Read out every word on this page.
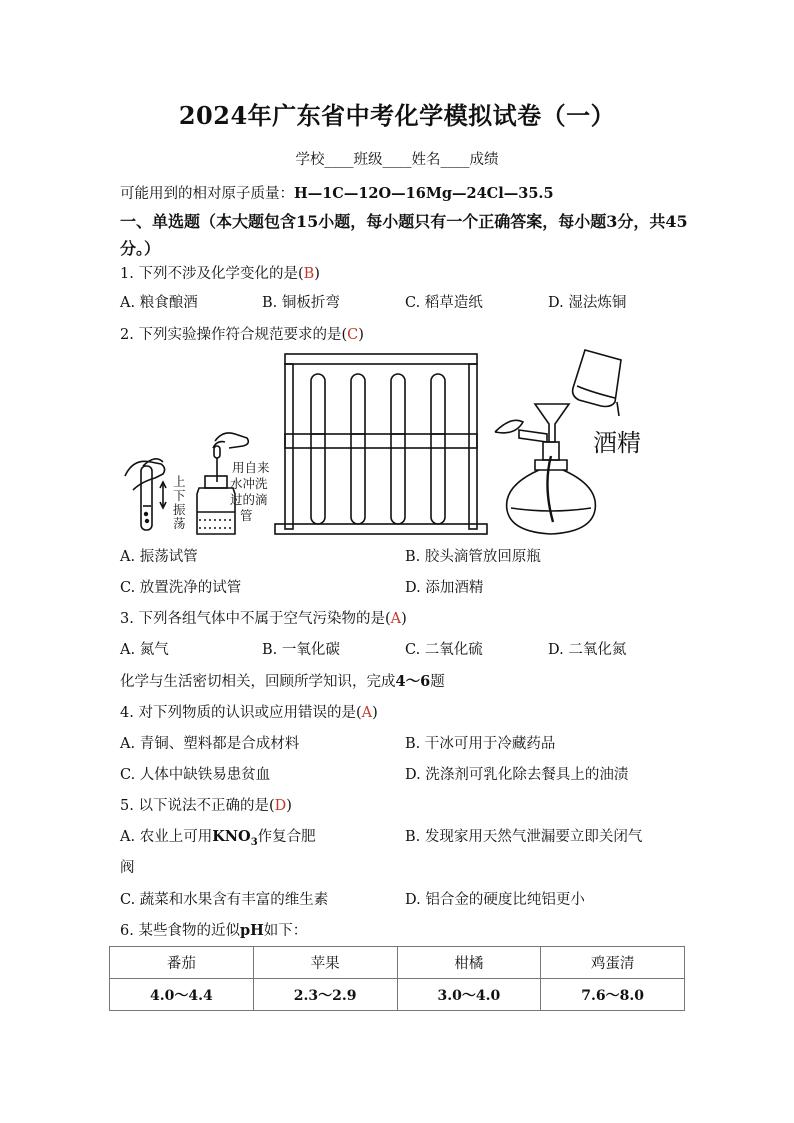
2024年广东省中考化学模拟试卷（一）
学校____班级____姓名____成绩
可能用到的相对原子质量：H—1C—12O—16Mg—24Cl—35.5
一、单选题（本大题包含15小题，每小题只有一个正确答案，每小题3分，共45分。）
1. 下列不涉及化学变化的是(B)
A. 粮食酿酒	B. 铜板折弯	C. 稻草造纸	D. 湿法炼铜
2. 下列实验操作符合规范要求的是(C)
用自来 水冲洗 过的滴 管
上下振荡
酒精
A. 振荡试管	B. 胶头滴管放回原瓶
C. 放置洗净的试管	D. 添加酒精
3. 下列各组气体中不属于空气污染物的是(A)
A. 氮气	B. 一氧化碳	C. 二氧化硫	D. 二氧化氮
化学与生活密切相关，回顾所学知识，完成4～6题
4. 对下列物质的认识或应用错误的是(A)
A. 青铜、塑料都是合成材料	B. 干冰可用于冷藏药品
C. 人体中缺铁易患贫血	D. 洗涤剂可乳化除去餐具上的油渍
5. 以下说法不正确的是(D)
A. 农业上可用$KNO_3$作复合肥	B. 发现家用天然气泄漏要立即关闭气
阀
C. 蔬菜和水果含有丰富的维生素	D. 铝合金的硬度比纯铝更小
6. 某些食物的近似pH如下：
番茄	苹果	柑橘	鸡蛋清
4.0～4.4	2.3～2.9	3.0～4.0	7.6～8.0
